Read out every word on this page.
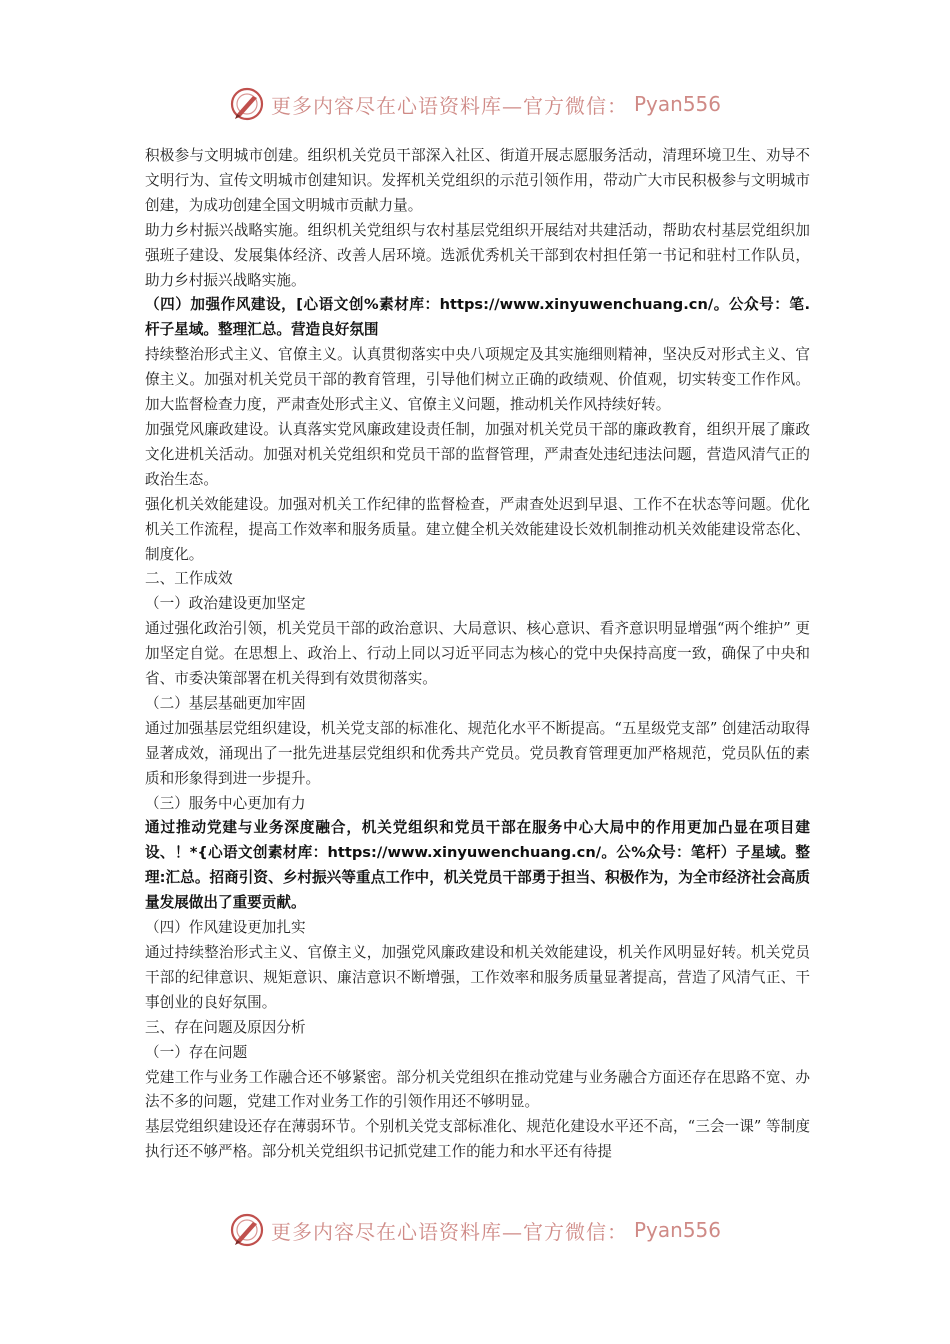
更多内容尽在心语资料库—官方微信： Pyan556

积极参与文明城市创建。组织机关党员干部深入社区、街道开展志愿服务活动，清理环境卫生、劝导不文明行为、宣传文明城市创建知识。发挥机关党组织的示范引领作用，带动广大市民积极参与文明城市创建，为成功创建全国文明城市贡献力量。

助力乡村振兴战略实施。组织机关党组织与农村基层党组织开展结对共建活动，帮助农村基层党组织加强班子建设、发展集体经济、改善人居环境。选派优秀机关干部到农村担任第一书记和驻村工作队员，助力乡村振兴战略实施。

（四）加强作风建设，[心语文创%素材库：https://www.xinyuwenchuang.cn/。公众号：笔.杆子星域。整理汇总。营造良好氛围

持续整治形式主义、官僚主义。认真贯彻落实中央八项规定及其实施细则精神，坚决反对形式主义、官僚主义。加强对机关党员干部的教育管理，引导他们树立正确的政绩观、价值观，切实转变工作作风。加大监督检查力度，严肃查处形式主义、官僚主义问题，推动机关作风持续好转。

加强党风廉政建设。认真落实党风廉政建设责任制，加强对机关党员干部的廉政教育，组织开展了廉政文化进机关活动。加强对机关党组织和党员干部的监督管理，严肃查处违纪违法问题，营造风清气正的政治生态。

强化机关效能建设。加强对机关工作纪律的监督检查，严肃查处迟到早退、工作不在状态等问题。优化机关工作流程，提高工作效率和服务质量。建立健全机关效能建设长效机制推动机关效能建设常态化、制度化。

二、工作成效

（一）政治建设更加坚定

通过强化政治引领，机关党员干部的政治意识、大局意识、核心意识、看齐意识明显增强“两个维护” 更加坚定自觉。在思想上、政治上、行动上同以习近平同志为核心的党中央保持高度一致，确保了中央和省、市委决策部署在机关得到有效贯彻落实。

（二）基层基础更加牢固

通过加强基层党组织建设，机关党支部的标准化、规范化水平不断提高。“五星级党支部” 创建活动取得显著成效，涌现出了一批先进基层党组织和优秀共产党员。党员教育管理更加严格规范，党员队伍的素质和形象得到进一步提升。

（三）服务中心更加有力

通过推动党建与业务深度融合，机关党组织和党员干部在服务中心大局中的作用更加凸显在项目建设、！*{心语文创素材库：https://www.xinyuwenchuang.cn/。公%众号：笔杆）子星域。整理:汇总。招商引资、乡村振兴等重点工作中，机关党员干部勇于担当、积极作为，为全市经济社会高质量发展做出了重要贡献。

（四）作风建设更加扎实

通过持续整治形式主义、官僚主义，加强党风廉政建设和机关效能建设，机关作风明显好转。机关党员干部的纪律意识、规矩意识、廉洁意识不断增强，工作效率和服务质量显著提高，营造了风清气正、干事创业的良好氛围。

三、存在问题及原因分析

（一）存在问题

党建工作与业务工作融合还不够紧密。部分机关党组织在推动党建与业务融合方面还存在思路不宽、办法不多的问题，党建工作对业务工作的引领作用还不够明显。

基层党组织建设还存在薄弱环节。个别机关党支部标准化、规范化建设水平还不高，“三会一课” 等制度执行还不够严格。部分机关党组织书记抓党建工作的能力和水平还有待提

更多内容尽在心语资料库—官方微信： Pyan556
